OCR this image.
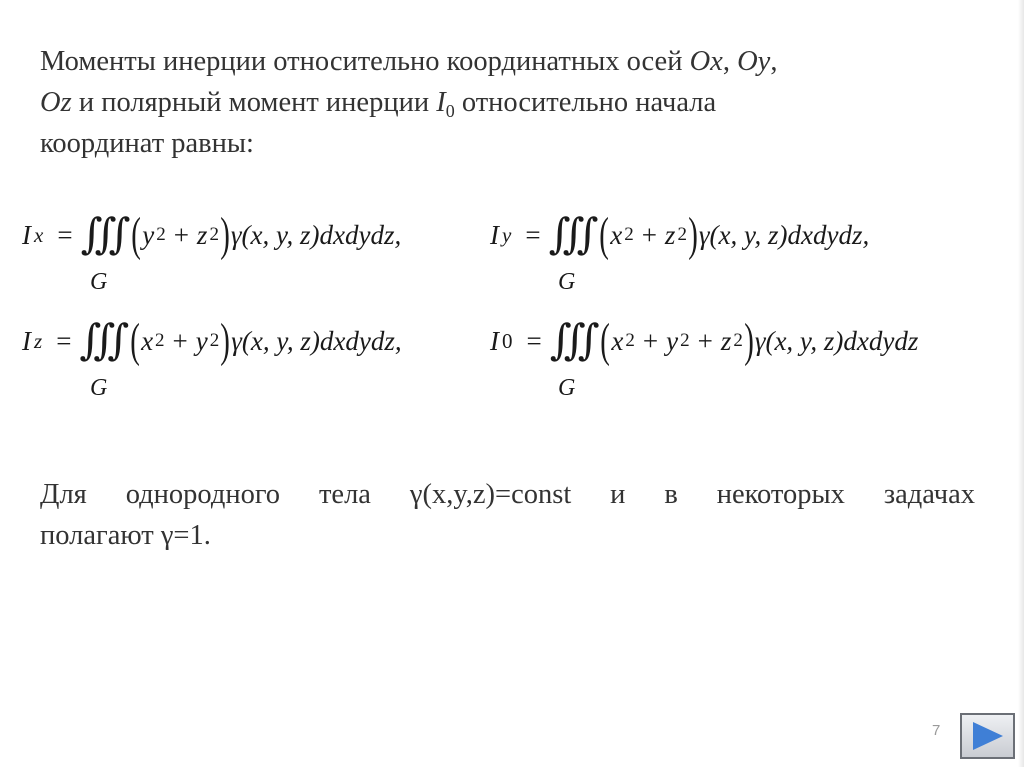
Моменты инерции относительно координатных осей Ox, Oy,
Oz и полярный момент инерции $I_0$ относительно начала
координат равны:
I x = ∭ ( y 2 + z 2 ) γ(x, y, z)dxdydz,
G
I y = ∭ ( x 2 + z 2 ) γ(x, y, z)dxdydz,
G
I z = ∭ ( x 2 + y 2 ) γ(x, y, z)dxdydz,
G
I 0 = ∭ ( x 2 + y 2 + z 2 ) γ(x, y, z)dxdydz
G
Для однородного тела γ(x,y,z)=const и в некоторых задачах
полагают γ=1.
7
